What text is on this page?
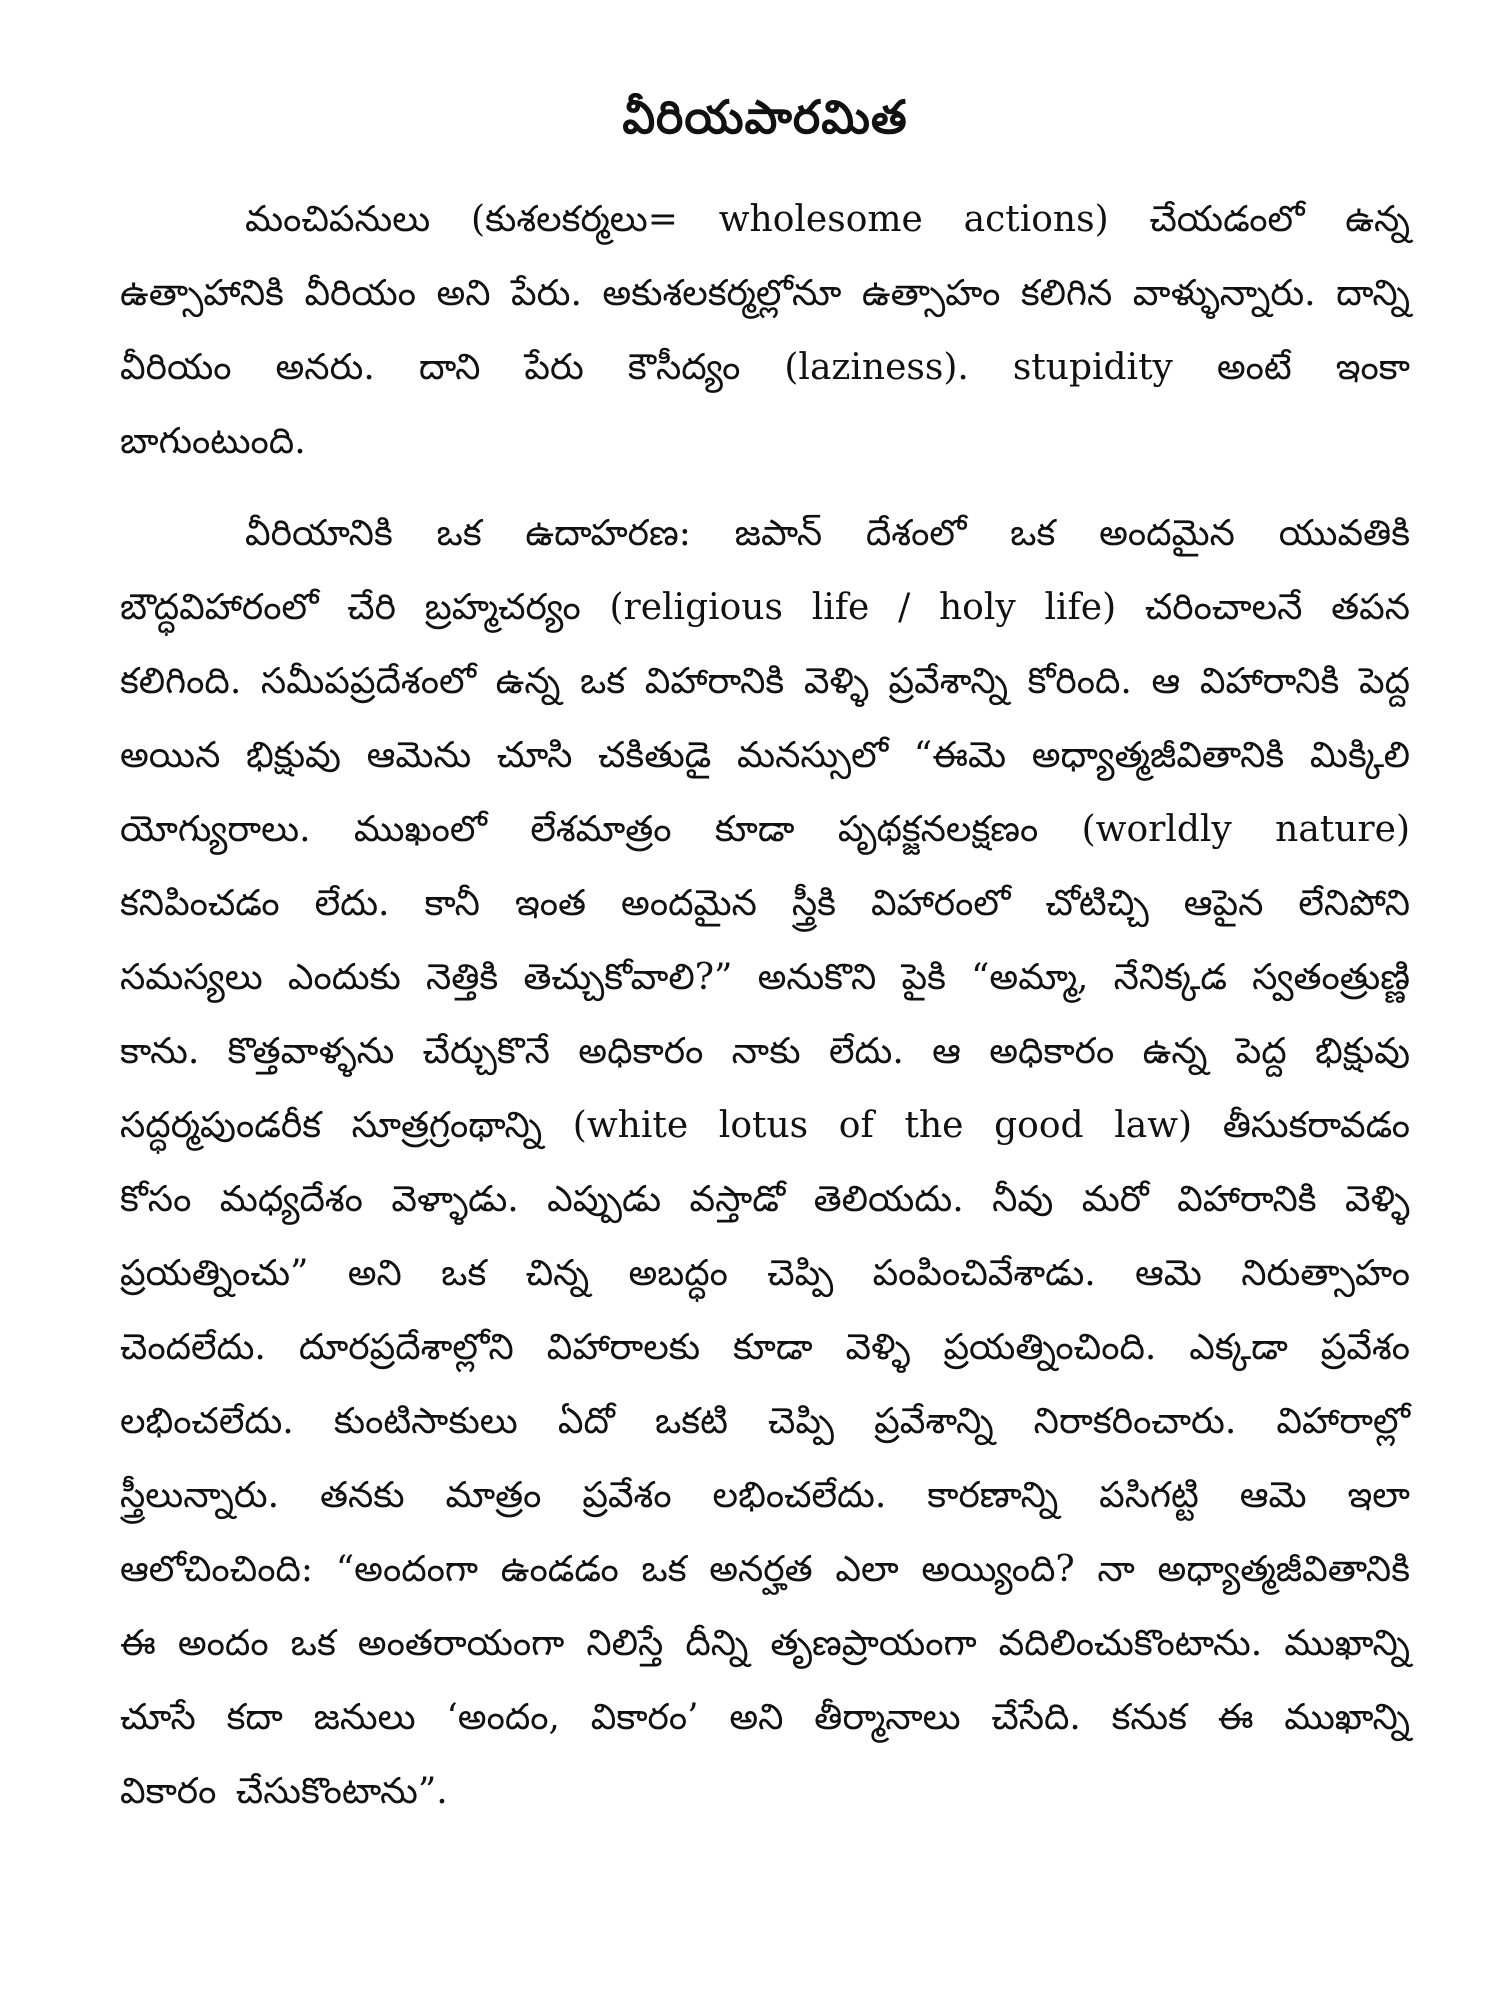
వీరియపారమిత

మంచిపనులు (కుశలకర్మలు= wholesome actions) చేయడంలో ఉన్న ఉత్సాహానికి వీరియం అని పేరు. అకుశలకర్మల్లోనూ ఉత్సాహం కలిగిన వాళ్ళున్నారు. దాన్ని వీరియం అనరు. దాని పేరు కౌసీద్యం (laziness). stupidity అంటే ఇంకా బాగుంటుంది.

వీరియానికి ఒక ఉదాహరణ: జపాన్ దేశంలో ఒక అందమైన యువతికి బౌద్ధవిహారంలో చేరి బ్రహ్మచర్యం (religious life / holy life) చరించాలనే తపన కలిగింది. సమీపప్రదేశంలో ఉన్న ఒక విహారానికి వెళ్ళి ప్రవేశాన్ని కోరింది. ఆ విహారానికి పెద్ద అయిన భిక్షువు ఆమెను చూసి చకితుడై మనస్సులో “ఈమె అధ్యాత్మజీవితానికి మిక్కిలి యోగ్యురాలు. ముఖంలో లేశమాత్రం కూడా పృథక్జనలక్షణం (worldly nature) కనిపించడం లేదు. కానీ ఇంత అందమైన స్త్రీకి విహారంలో చోటిచ్చి ఆపైన లేనిపోని సమస్యలు ఎందుకు నెత్తికి తెచ్చుకోవాలి?” అనుకొని పైకి “అమ్మా, నేనిక్కడ స్వతంత్రుణ్ణి కాను. కొత్తవాళ్ళను చేర్చుకొనే అధికారం నాకు లేదు. ఆ అధికారం ఉన్న పెద్ద భిక్షువు సద్ధర్మపుండరీక సూత్రగ్రంథాన్ని (white lotus of the good law) తీసుకరావడం కోసం మధ్యదేశం వెళ్ళాడు. ఎప్పుడు వస్తాడో తెలియదు. నీవు మరో విహారానికి వెళ్ళి ప్రయత్నించు” అని ఒక చిన్న అబద్ధం చెప్పి పంపించివేశాడు. ఆమె నిరుత్సాహం చెందలేదు. దూరప్రదేశాల్లోని విహారాలకు కూడా వెళ్ళి ప్రయత్నించింది. ఎక్కడా ప్రవేశం లభించలేదు. కుంటిసాకులు ఏదో ఒకటి చెప్పి ప్రవేశాన్ని నిరాకరించారు. విహారాల్లో స్త్రీలున్నారు. తనకు మాత్రం ప్రవేశం లభించలేదు. కారణాన్ని పసిగట్టి ఆమె ఇలా ఆలోచించింది: “అందంగా ఉండడం ఒక అనర్హత ఎలా అయ్యింది? నా అధ్యాత్మజీవితానికి ఈ అందం ఒక అంతరాయంగా నిలిస్తే దీన్ని తృణప్రాయంగా వదిలించుకొంటాను. ముఖాన్ని చూసే కదా జనులు ‘అందం, వికారం’ అని తీర్మానాలు చేసేది. కనుక ఈ ముఖాన్ని వికారం చేసుకొంటాను”.
